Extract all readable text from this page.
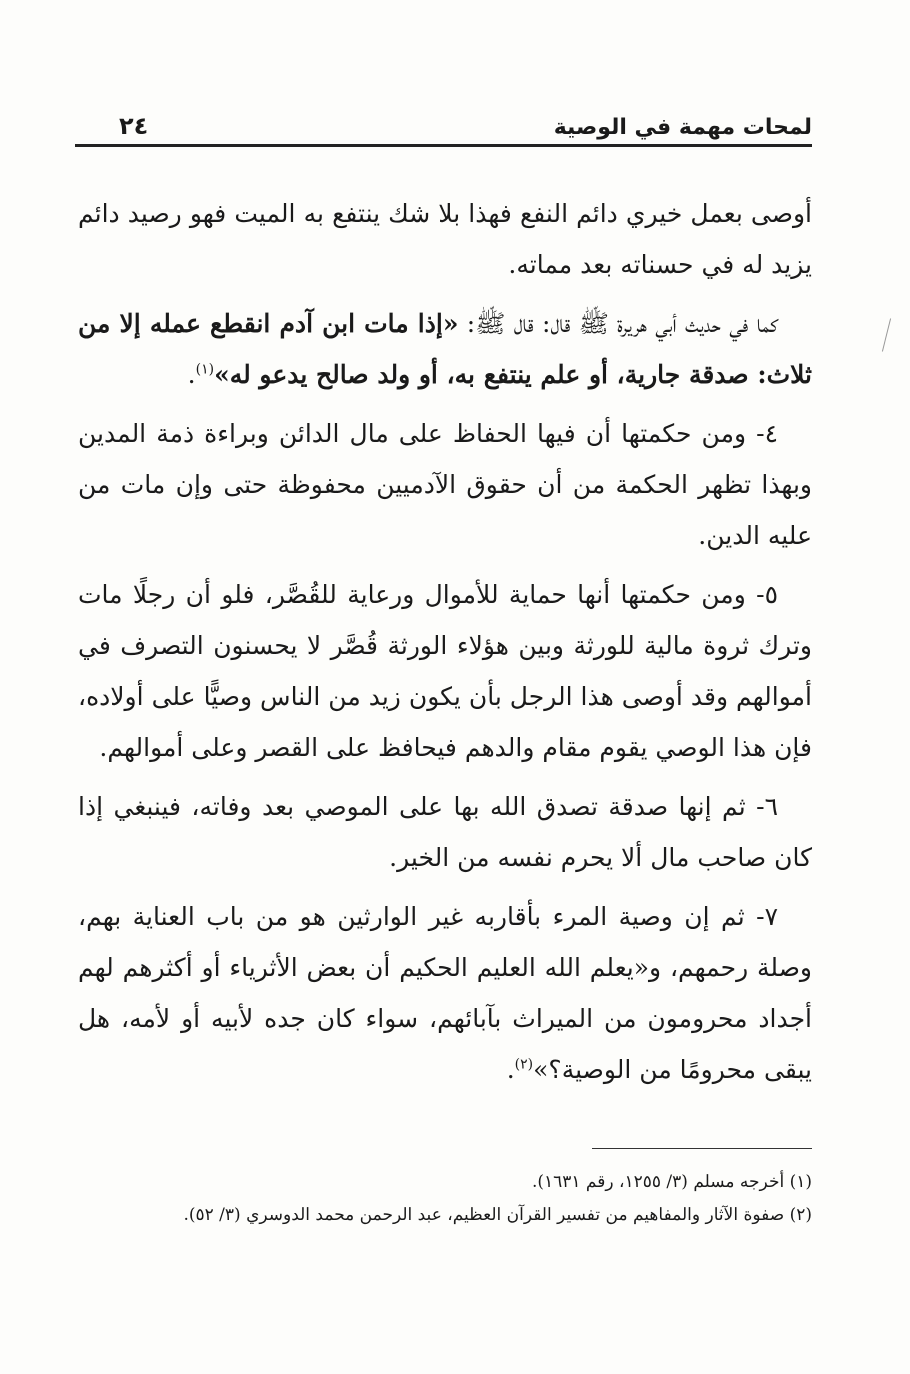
لمحات مهمة في الوصية
٢٤

أوصى بعمل خيري دائم النفع فهذا بلا شك ينتفع به الميت فهو رصيد دائم يزيد له في حسناته بعد مماته.

كما في حديث أبي هريرة ﷺ قال: قال ﷺ: «إذا مات ابن آدم انقطع عمله إلا من ثلاث: صدقة جارية، أو علم ينتفع به، أو ولد صالح يدعو له»$^{(١)}$.

٤- ومن حكمتها أن فيها الحفاظ على مال الدائن وبراءة ذمة المدين وبهذا تظهر الحكمة من أن حقوق الآدميين محفوظة حتى وإن مات من عليه الدين.

٥- ومن حكمتها أنها حماية للأموال ورعاية للقُصَّر، فلو أن رجلًا مات وترك ثروة مالية للورثة وبين هؤلاء الورثة قُصَّر لا يحسنون التصرف في أموالهم وقد أوصى هذا الرجل بأن يكون زيد من الناس وصيًّا على أولاده، فإن هذا الوصي يقوم مقام والدهم فيحافظ على القصر وعلى أموالهم.

٦- ثم إنها صدقة تصدق الله بها على الموصي بعد وفاته، فينبغي إذا كان صاحب مال ألا يحرم نفسه من الخير.

٧- ثم إن وصية المرء بأقاربه غير الوارثين هو من باب العناية بهم، وصلة رحمهم، و«يعلم الله العليم الحكيم أن بعض الأثرياء أو أكثرهم لهم أجداد محرومون من الميراث بآبائهم، سواء كان جده لأبيه أو لأمه، هل يبقى محرومًا من الوصية؟»$^{(٢)}$.

(١) أخرجه مسلم (٣/ ١٢٥٥، رقم ١٦٣١).

(٢) صفوة الآثار والمفاهيم من تفسير القرآن العظيم، عبد الرحمن محمد الدوسري (٣/ ٥٢).
